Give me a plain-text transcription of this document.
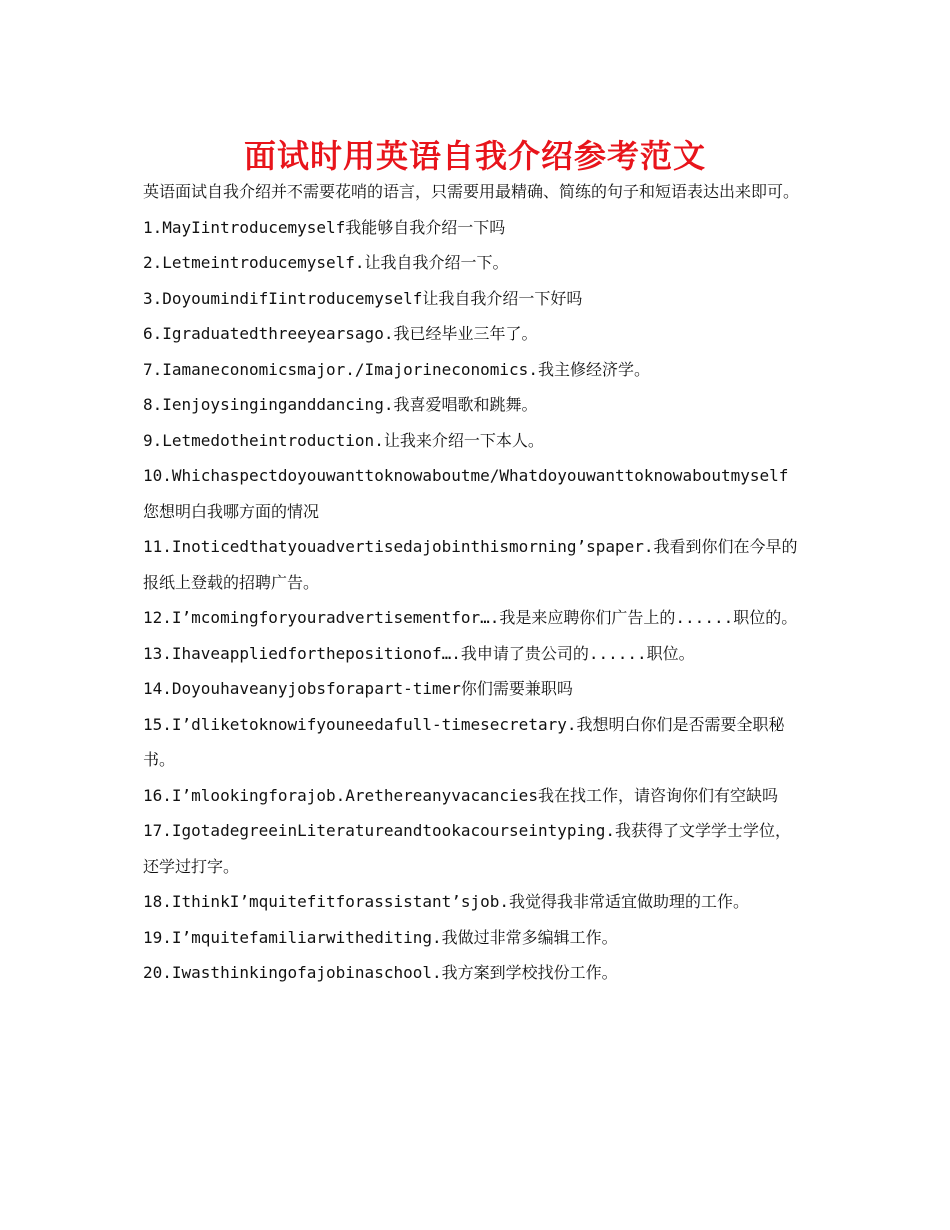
面试时用英语自我介绍参考范文

英语面试自我介绍并不需要花哨的语言，只需要用最精确、简练的句子和短语表达出来即可。

1.MayIintroducemyself我能够自我介绍一下吗

2.Letmeintroducemyself.让我自我介绍一下。

3.DoyoumindifIintroducemyself让我自我介绍一下好吗

6.Igraduatedthreeyearsago.我已经毕业三年了。

7.Iamaneconomicsmajor./Imajorineconomics.我主修经济学。

8.Ienjoysinginganddancing.我喜爱唱歌和跳舞。

9.Letmedotheintroduction.让我来介绍一下本人。

10.Whichaspectdoyouwanttoknowaboutme/Whatdoyouwanttoknowaboutmyself您想明白我哪方面的情况

11.Inoticedthatyouadvertisedajobinthismorning’spaper.我看到你们在今早的报纸上登载的招聘广告。

12.I’mcomingforyouradvertisementfor….我是来应聘你们广告上的......职位的。

13.Ihaveappliedforthepositionof….我申请了贵公司的......职位。

14.Doyouhaveanyjobsforapart-timer你们需要兼职吗

15.I’dliketoknowifyouneedafull-timesecretary.我想明白你们是否需要全职秘书。

16.I’mlookingforajob.Arethereanyvacancies我在找工作，请咨询你们有空缺吗

17.IgotadegreeinLiteratureandtookacourseintyping.我获得了文学学士学位，还学过打字。

18.IthinkI’mquitefitforassistant’sjob.我觉得我非常适宜做助理的工作。

19.I’mquitefamiliarwithediting.我做过非常多编辑工作。

20.Iwasthinkingofajobinaschool.我方案到学校找份工作。
